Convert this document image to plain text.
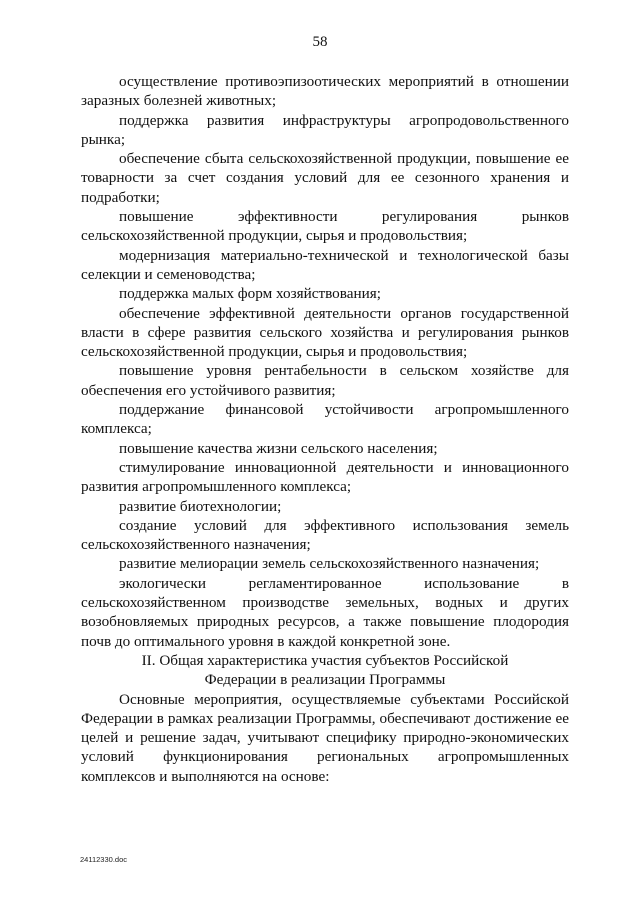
58

осуществление противоэпизоотических мероприятий в отношении заразных болезней животных;

поддержка развития инфраструктуры агропродовольственного рынка;

обеспечение сбыта сельскохозяйственной продукции, повышение ее товарности за счет создания условий для ее сезонного хранения и подработки;

повышение эффективности регулирования рынков сельскохозяйственной продукции, сырья и продовольствия;

модернизация материально-технической и технологической базы селекции и семеноводства;

поддержка малых форм хозяйствования;

обеспечение эффективной деятельности органов государственной власти в сфере развития сельского хозяйства и регулирования рынков сельскохозяйственной продукции, сырья и продовольствия;

повышение уровня рентабельности в сельском хозяйстве для обеспечения его устойчивого развития;

поддержание финансовой устойчивости агропромышленного комплекса;

повышение качества жизни сельского населения;

стимулирование инновационной деятельности и инновационного развития агропромышленного комплекса;

развитие биотехнологии;

создание условий для эффективного использования земель сельскохозяйственного назначения;

развитие мелиорации земель сельскохозяйственного назначения;

экологически регламентированное использование в сельскохозяйственном производстве земельных, водных и других возобновляемых природных ресурсов, а также повышение плодородия почв до оптимального уровня в каждой конкретной зоне.

II. Общая характеристика участия субъектов Российской
Федерации в реализации Программы

Основные мероприятия, осуществляемые субъектами Российской Федерации в рамках реализации Программы, обеспечивают достижение ее целей и решение задач, учитывают специфику природно-экономических условий функционирования региональных агропромышленных комплексов и выполняются на основе:

24112330.doc
